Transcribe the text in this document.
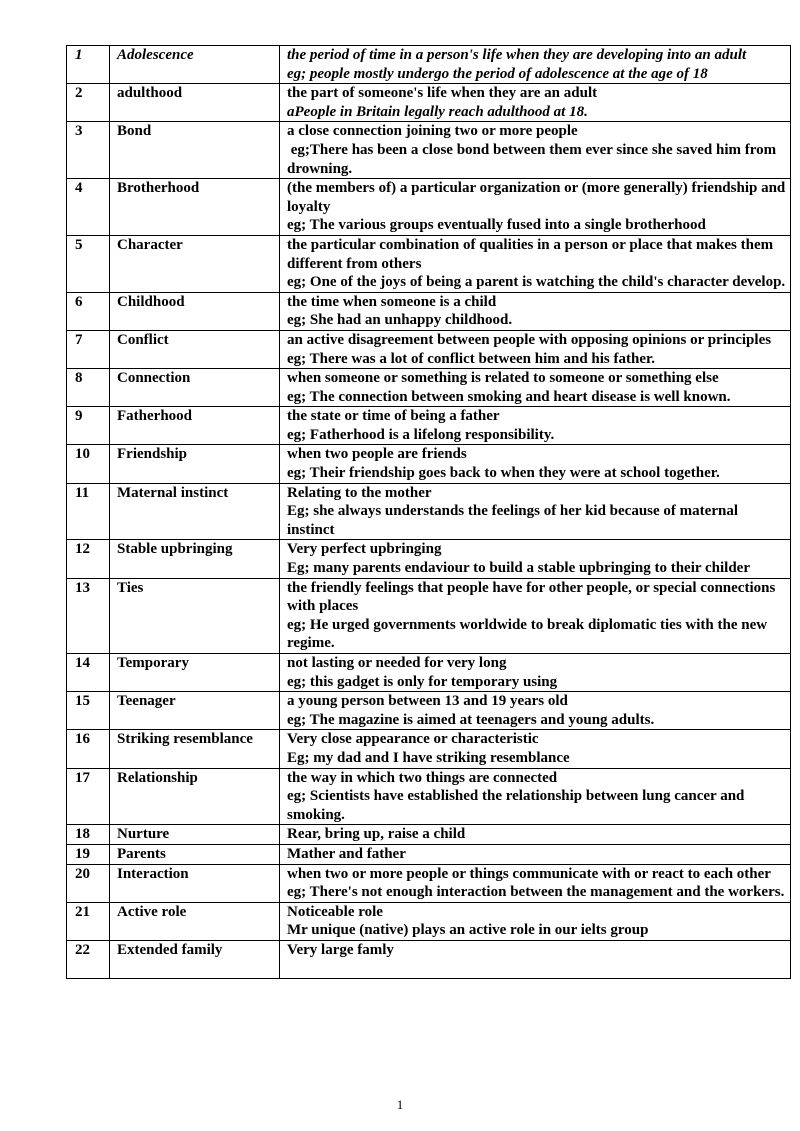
1	Adolescence	the period of time in a person's life when they are developing into an adult
eg; people mostly undergo the period of adolescence at the age of 18

2	adulthood	the part of someone's life when they are an adult
aPeople in Britain legally reach adulthood at 18.

3	Bond	a close connection joining two or more people
eg;There has been a close bond between them ever since she saved him from drowning.

4	Brotherhood	(the members of) a particular organization or (more generally) friendship and loyalty
eg; The various groups eventually fused into a single brotherhood

5	Character	the particular combination of qualities in a person or place that makes them different from others
eg; One of the joys of being a parent is watching the child's character develop.

6	Childhood	the time when someone is a child
eg; She had an unhappy childhood.

7	Conflict	an active disagreement between people with opposing opinions or principles
eg; There was a lot of conflict between him and his father.

8	Connection	when someone or something is related to someone or something else
eg; The connection between smoking and heart disease is well known.

9	Fatherhood	the state or time of being a father
eg; Fatherhood is a lifelong responsibility.

10	Friendship	when two people are friends
eg; Their friendship goes back to when they were at school together.

11	Maternal instinct	Relating to the mother
Eg; she always understands the feelings of her kid because of maternal instinct

12	Stable upbringing	Very perfect upbringing
Eg; many parents endaviour to build a stable upbringing to their childer

13	Ties	the friendly feelings that people have for other people, or special connections with places
eg; He urged governments worldwide to break diplomatic ties with the new regime.

14	Temporary	not lasting or needed for very long
eg; this gadget is only for temporary using

15	Teenager	a young person between 13 and 19 years old
eg; The magazine is aimed at teenagers and young adults.

16	Striking resemblance	Very close appearance or characteristic
Eg; my dad and I have striking resemblance

17	Relationship	the way in which two things are connected
eg; Scientists have established the relationship between lung cancer and smoking.

18	Nurture	Rear, bring up, raise a child

19	Parents	Mather and father

20	Interaction	when two or more people or things communicate with or react to each other     eg; There's not enough interaction between the management and the workers.

21	Active role	Noticeable role
Mr unique (native) plays an active role in our ielts group

22	Extended family	Very large famly
1
